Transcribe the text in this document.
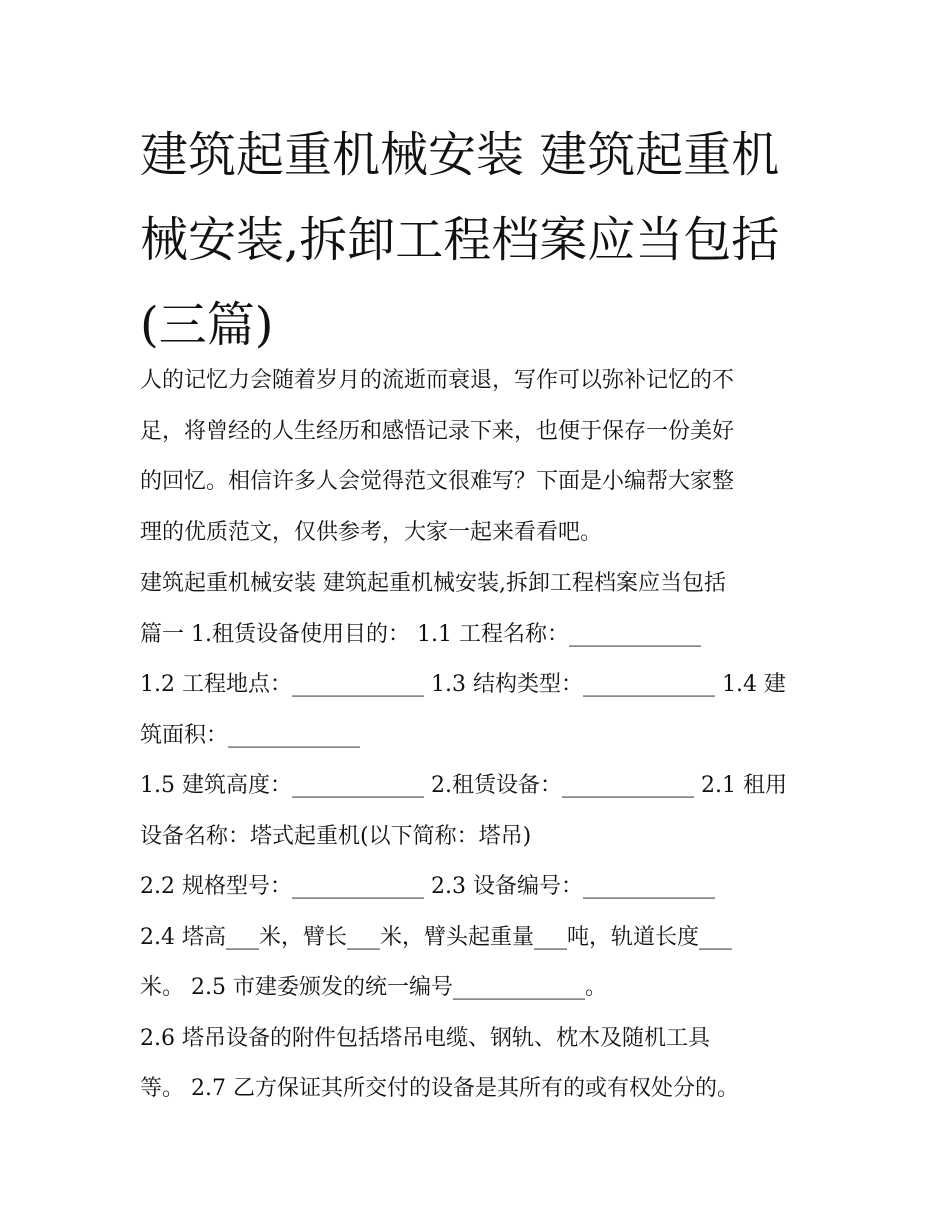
建筑起重机械安装 建筑起重机械安装,拆卸工程档案应当包括(三篇)
人的记忆力会随着岁月的流逝而衰退，写作可以弥补记忆的不
足，将曾经的人生经历和感悟记录下来，也便于保存一份美好
的回忆。相信许多人会觉得范文很难写？下面是小编帮大家整
理的优质范文，仅供参考，大家一起来看看吧。
建筑起重机械安装 建筑起重机械安装,拆卸工程档案应当包括
篇一 1.租赁设备使用目的： 1.1 工程名称：____________
1.2 工程地点：____________ 1.3 结构类型：____________ 1.4 建
筑面积：____________
1.5 建筑高度：____________ 2.租赁设备：____________ 2.1 租用
设备名称：塔式起重机(以下简称：塔吊)
2.2 规格型号：____________ 2.3 设备编号：____________
2.4 塔高___米，臂长___米，臂头起重量___吨，轨道长度___
米。 2.5 市建委颁发的统一编号____________。
2.6 塔吊设备的附件包括塔吊电缆、钢轨、枕木及随机工具
等。 2.7 乙方保证其所交付的设备是其所有的或有权处分的。
